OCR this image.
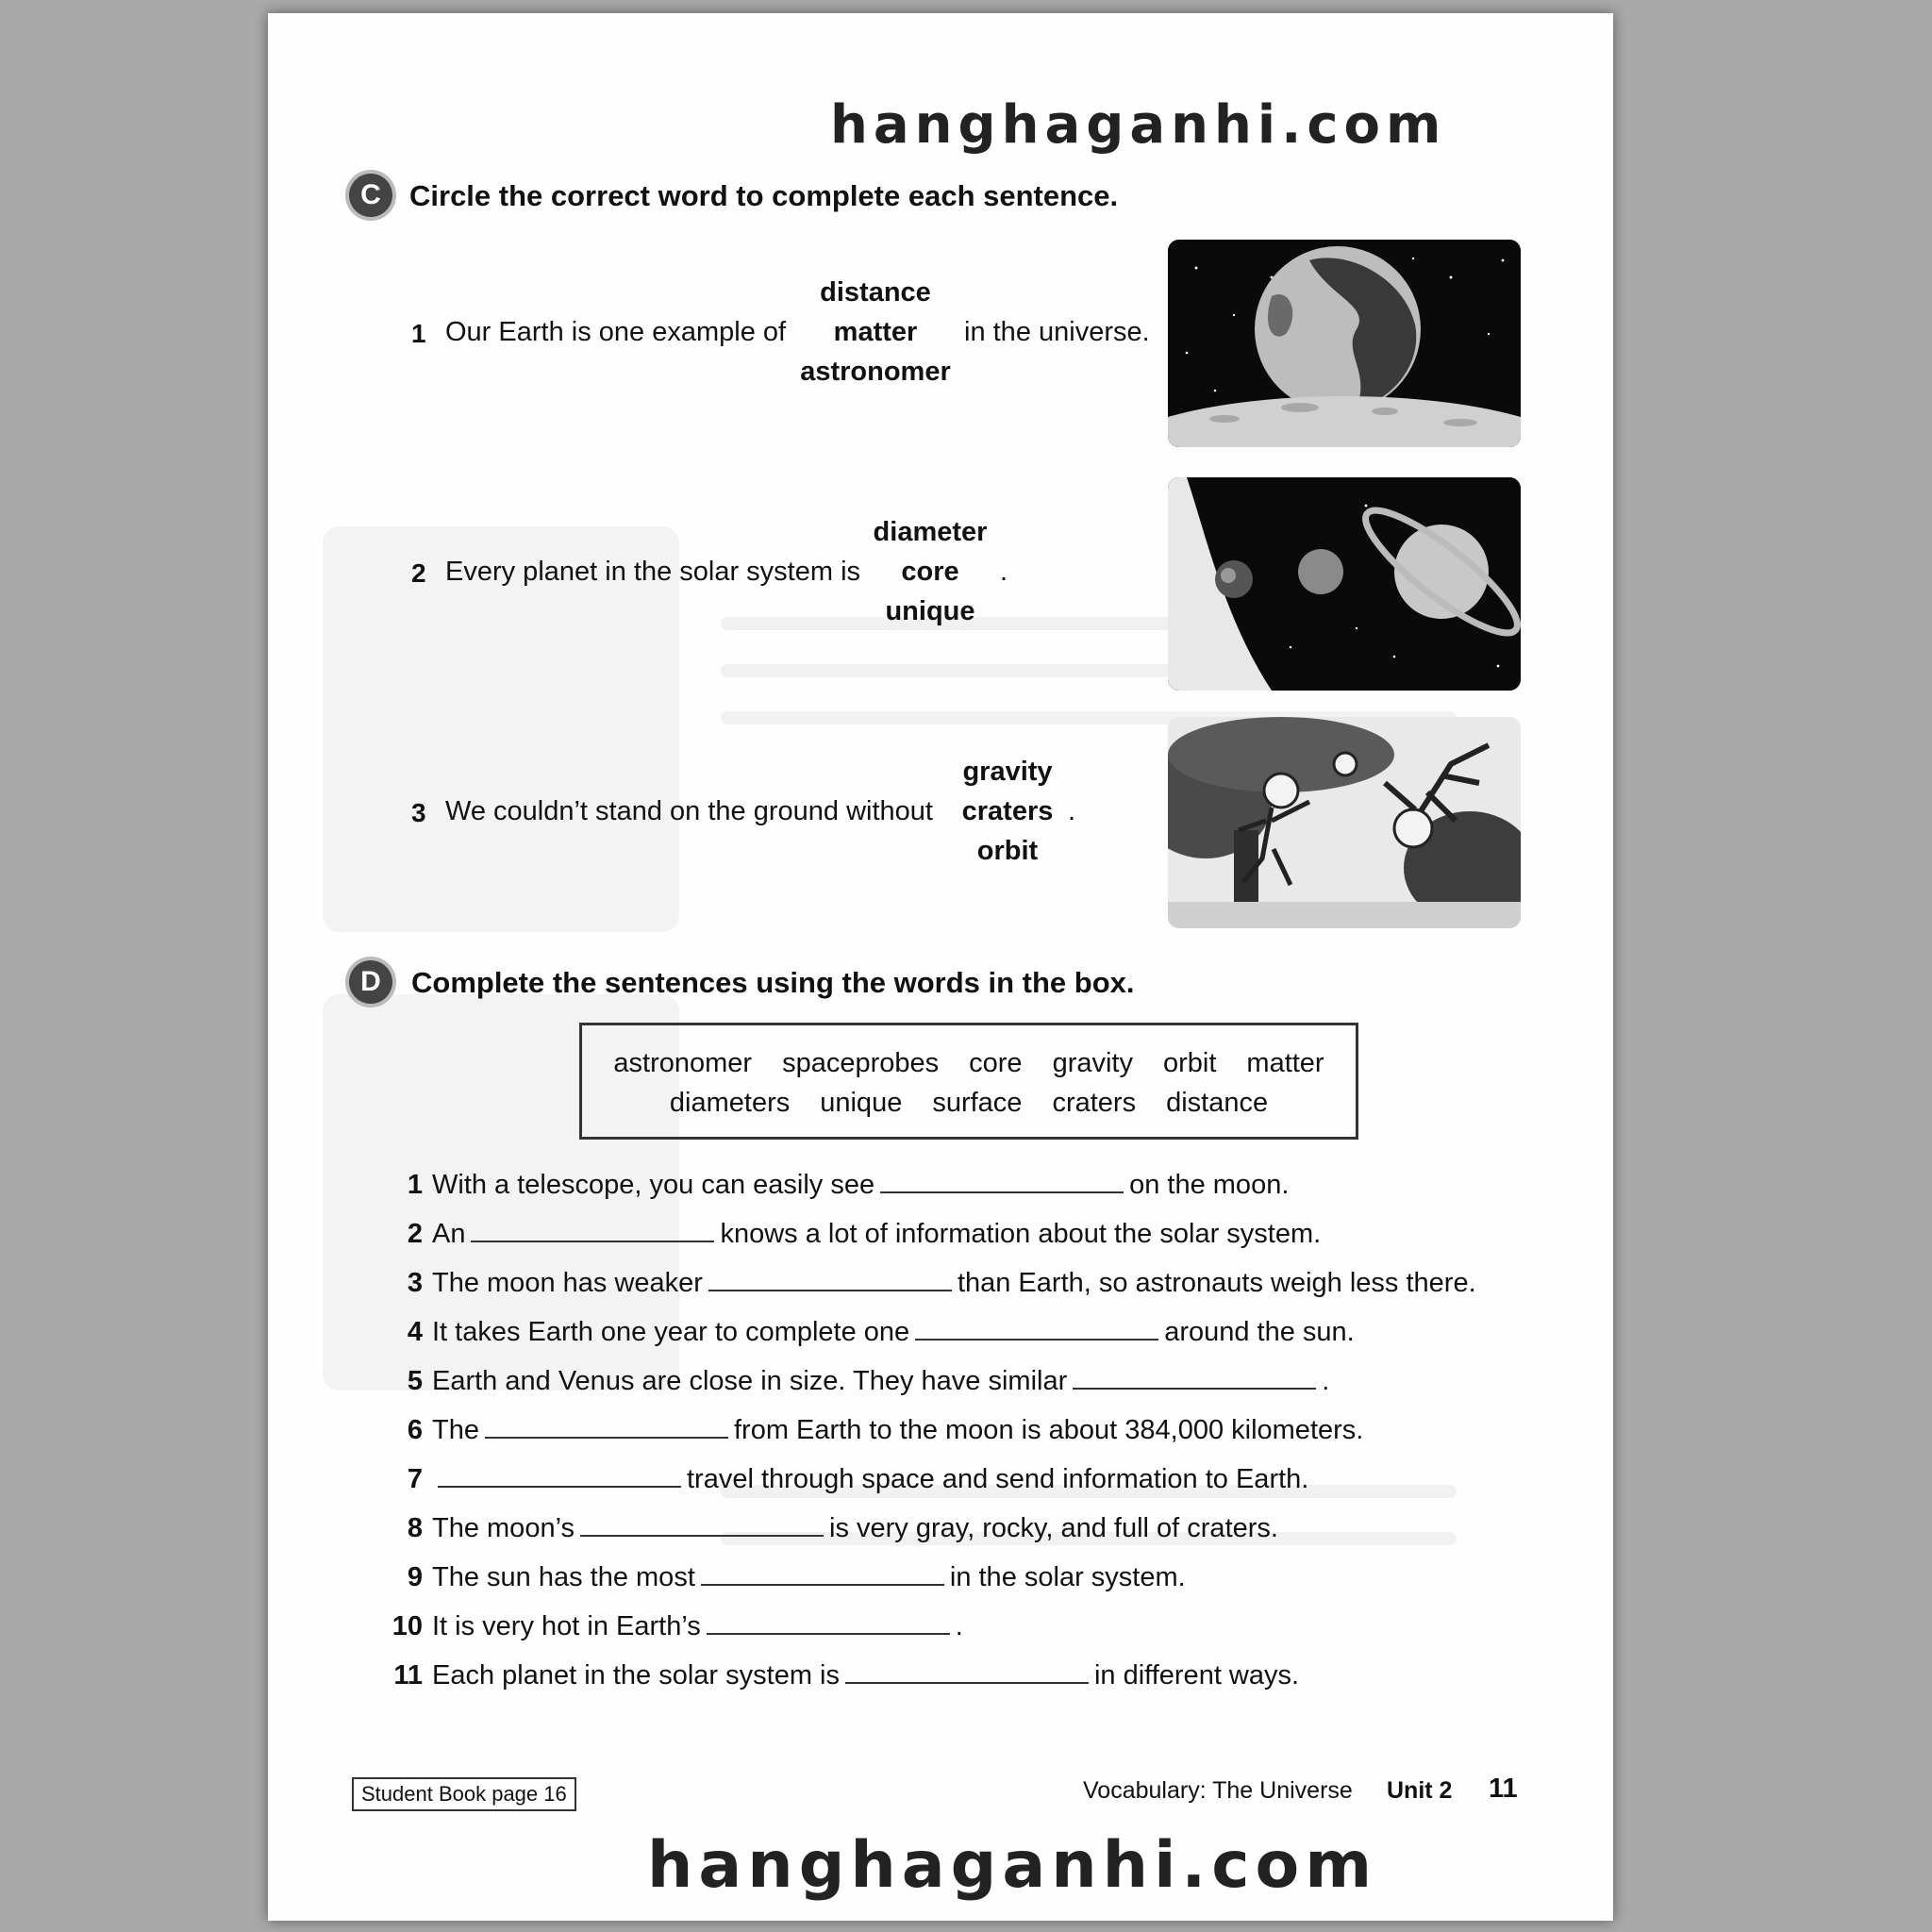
hanghaganhi.com
C Circle the correct word to complete each sentence.
distance
1 Our Earth is one example of	matter	in the universe.
astronomer
diameter
2 Every planet in the solar system is	core	.
unique
gravity
3 We couldn’t stand on the ground without	craters .
orbit
D	Complete the sentences using the words in the box.
astronomer spaceprobes core gravity orbit matter
diameters unique surface craters distance
1 With a telescope, you can easily see	on the moon.
2 An	knows a lot of information about the solar system.
3 The moon has weaker	than Earth, so astronauts weigh less there.
4 It takes Earth one year to complete one	around the sun.
5 Earth and Venus are close in size. They have similar	.
6 The	from Earth to the moon is about 384,000 kilometers.
7	travel through space and send information to Earth.
8 The moon’s	is very gray, rocky, and full of craters.
9 The sun has the most	in the solar system.
10 It is very hot in Earth’s	.
11 Each planet in the solar system is	in different ways.
Student Book page 16	Vocabulary: The Universe Unit 2 11
hanghaganhi.com
